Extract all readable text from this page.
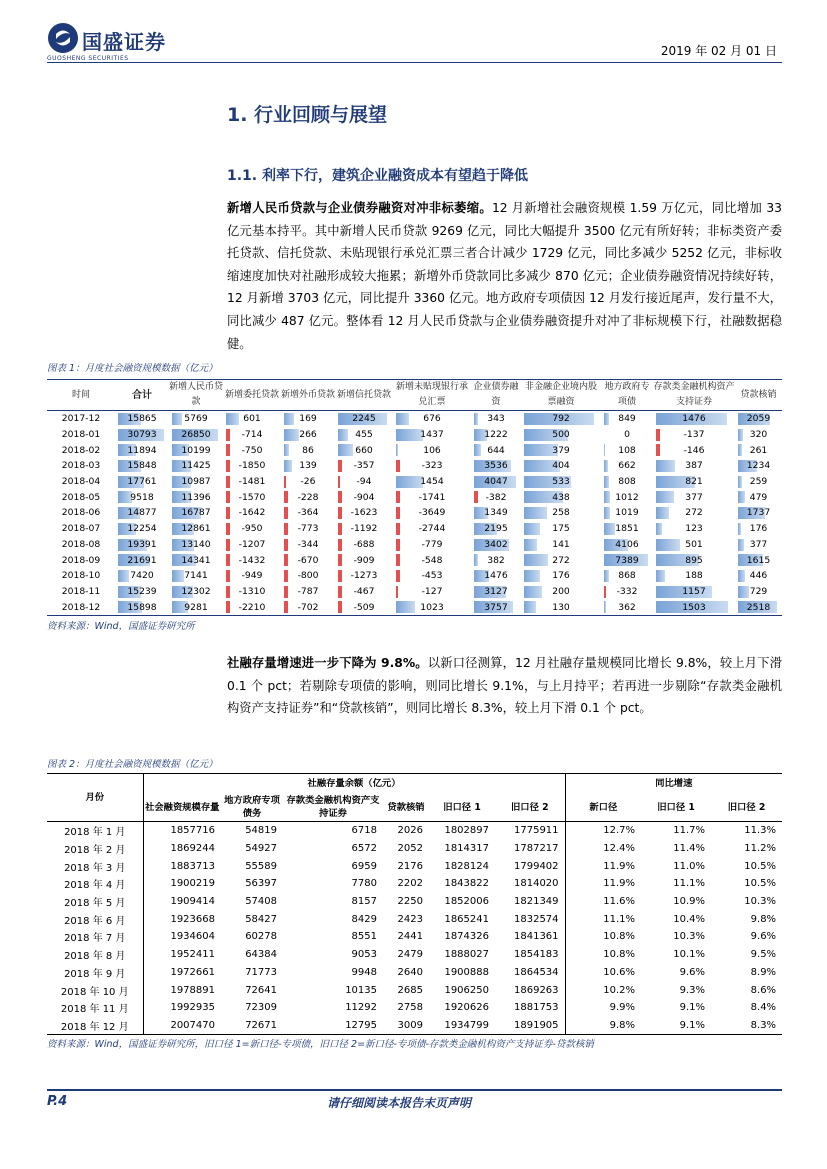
国盛证券
GUOSHENG SECURITIES
2019 年 02 月 01 日
1. 行业回顾与展望
1.1. 利率下行，建筑企业融资成本有望趋于降低
新增人民币贷款与企业债券融资对冲非标萎缩。12 月新增社会融资规模 1.59 万亿元，同比增加 33 亿元基本持平。其中新增人民币贷款 9269 亿元，同比大幅提升 3500 亿元有所好转；非标类资产委托贷款、信托贷款、未贴现银行承兑汇票三者合计减少 1729 亿元，同比多减少 5252 亿元，非标收缩速度加快对社融形成较大拖累；新增外币贷款同比多减少 870 亿元；企业债券融资情况持续好转，12 月新增 3703 亿元，同比提升 3360 亿元。地方政府专项债因 12 月发行接近尾声，发行量不大，同比减少 487 亿元。整体看 12 月人民币贷款与企业债券融资提升对冲了非标规模下行，社融数据稳健。
图表 1：月度社会融资规模数据（亿元）
时间	合计	新增人民币贷款	新增委托贷款	新增外币贷款	新增信托贷款	新增未贴现银行承兑汇票	企业债券融资	非金融企业境内股票融资	地方政府专项债	存款类金融机构资产支持证券	贷款核销
2017-12	15865	5769	601	169	2245	676	343	792	849	1476	2059
2018-01	30793	26850	-714	266	455	1437	1222	500	0	-137	320
2018-02	11894	10199	-750	86	660	106	644	379	108	-146	261
2018-03	15848	11425	-1850	139	-357	-323	3536	404	662	387	1234
2018-04	17761	10987	-1481	-26	-94	1454	4047	533	808	821	259
2018-05	9518	11396	-1570	-228	-904	-1741	-382	438	1012	377	479
2018-06	14877	16787	-1642	-364	-1623	-3649	1349	258	1019	272	1737
2018-07	12254	12861	-950	-773	-1192	-2744	2195	175	1851	123	176
2018-08	19391	13140	-1207	-344	-688	-779	3402	141	4106	501	377
2018-09	21691	14341	-1432	-670	-909	-548	382	272	7389	895	1615
2018-10	7420	7141	-949	-800	-1273	-453	1476	176	868	188	446
2018-11	15239	12302	-1310	-787	-467	-127	3127	200	-332	1157	729
2018-12	15898	9281	-2210	-702	-509	1023	3757	130	362	1503	2518
资料来源：Wind，国盛证券研究所
社融存量增速进一步下降为 9.8%。以新口径测算，12 月社融存量规模同比增长 9.8%，较上月下滑 0.1 个 pct；若剔除专项债的影响，则同比增长 9.1%，与上月持平；若再进一步剔除“存款类金融机构资产支持证券”和“贷款核销”，则同比增长 8.3%，较上月下滑 0.1 个 pct。
图表 2：月度社会融资规模数据（亿元）
月份	社融存量余额（亿元）						同比增速		
	社会融资规模存量	地方政府专项债务	存款类金融机构资产支持证券	贷款核销	旧口径 1	旧口径 2	新口径	旧口径 1	旧口径 2
2018 年 1 月	1857716	54819	6718	2026	1802897	1775911	12.7%	11.7%	11.3%
2018 年 2 月	1869244	54927	6572	2052	1814317	1787217	12.4%	11.4%	11.2%
2018 年 3 月	1883713	55589	6959	2176	1828124	1799402	11.9%	11.0%	10.5%
2018 年 4 月	1900219	56397	7780	2202	1843822	1814020	11.9%	11.1%	10.5%
2018 年 5 月	1909414	57408	8157	2250	1852006	1821349	11.6%	10.9%	10.3%
2018 年 6 月	1923668	58427	8429	2423	1865241	1832574	11.1%	10.4%	9.8%
2018 年 7 月	1934604	60278	8551	2441	1874326	1841361	10.8%	10.3%	9.6%
2018 年 8 月	1952411	64384	9053	2479	1888027	1854183	10.8%	10.1%	9.5%
2018 年 9 月	1972661	71773	9948	2640	1900888	1864534	10.6%	9.6%	8.9%
2018 年 10 月	1978891	72641	10135	2685	1906250	1869263	10.2%	9.3%	8.6%
2018 年 11 月	1992935	72309	11292	2758	1920626	1881753	9.9%	9.1%	8.4%
2018 年 12 月	2007470	72671	12795	3009	1934799	1891905	9.8%	9.1%	8.3%
资料来源：Wind，国盛证券研究所，旧口径 1=新口径-专项债，旧口径 2=新口径-专项债-存款类金融机构资产支持证券-贷款核销
P.4	请仔细阅读本报告末页声明
